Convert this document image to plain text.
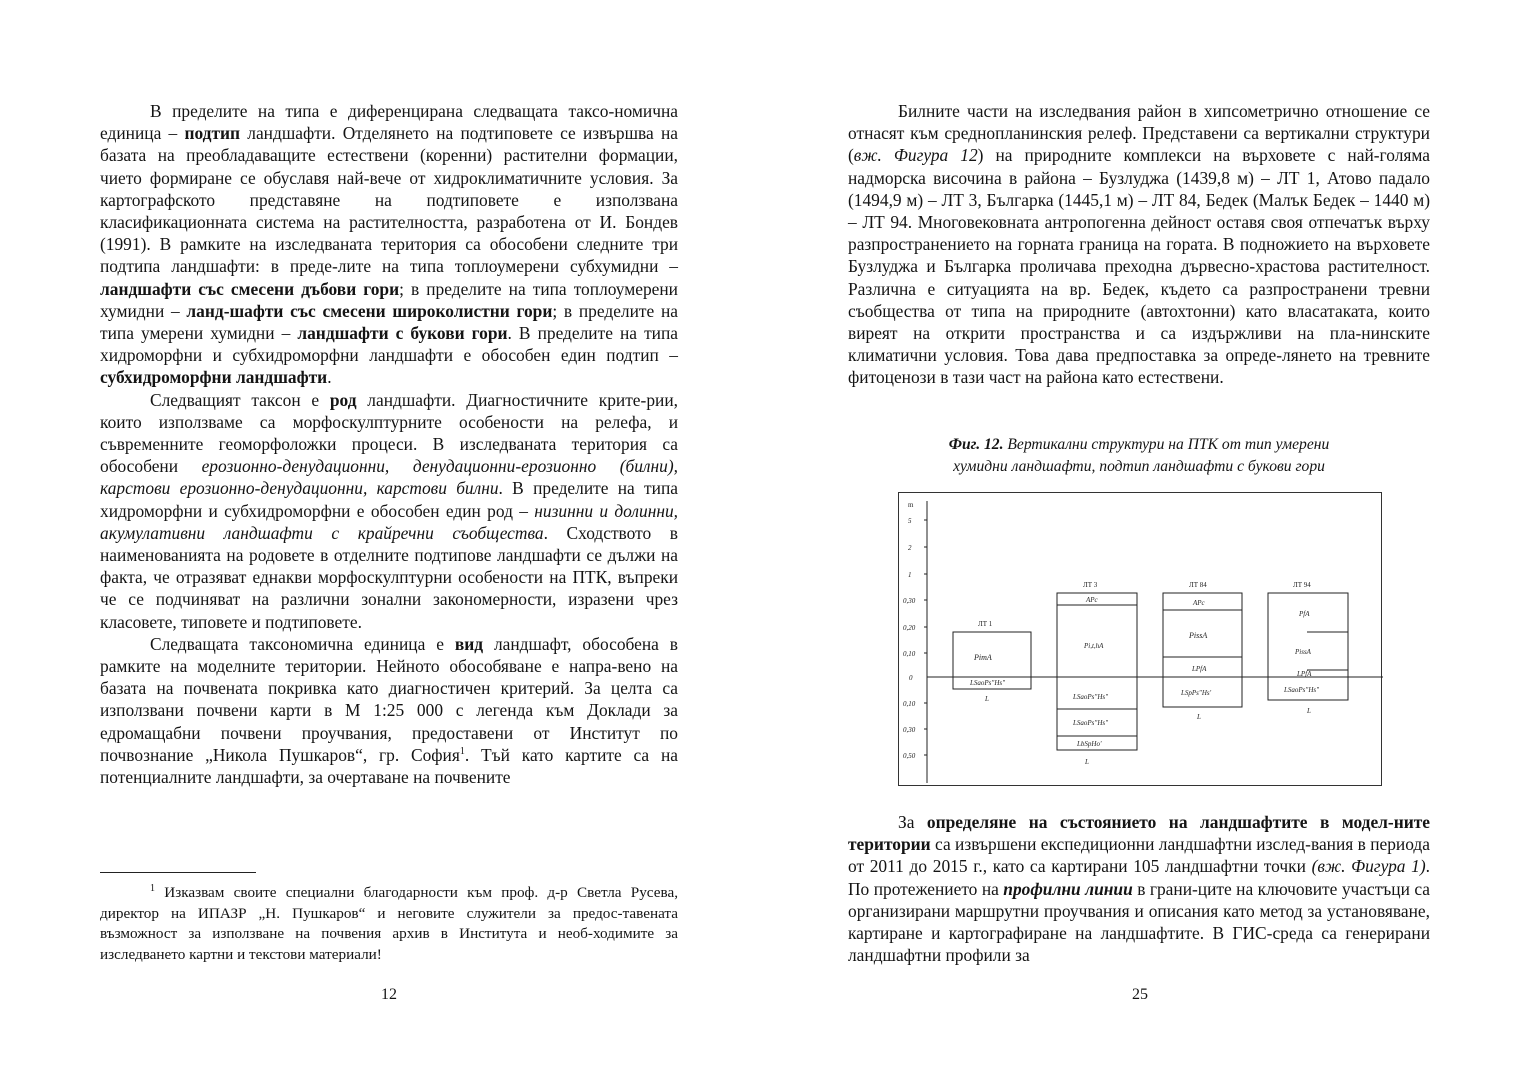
В пределите на типа е диференцирана следващата таксо-номична единица – подтип ландшафти. Отделянето на подтиповете се извършва на базата на преобладаващите естествени (коренни) растителни формации, чието формиране се обуславя най-вече от хидроклиматичните условия. За картографското представяне на подтиповете е използвана класификационната система на растителността, разработена от И. Бондев (1991). В рамките на изследваната територия са обособени следните три подтипа ландшафти: в преде-лите на типа топлоумерени субхумидни – ландшафти със смесени дъбови гори; в пределите на типа топлоумерени хумидни – ланд-шафти със смесени широколистни гори; в пределите на типа умерени хумидни – ландшафти с букови гори. В пределите на типа хидроморфни и субхидроморфни ландшафти е обособен един подтип – субхидроморфни ландшафти.

Следващият таксон е род ландшафти. Диагностичните крите-рии, които използваме са морфоскулптурните особености на релефа, и съвременните геоморфоложки процеси. В изследваната територия са обособени ерозионно-денудационни, денудационни-ерозионно (билни), карстови ерозионно-денудационни, карстови билни. В пределите на типа хидроморфни и субхидроморфни е обособен един род – низинни и долинни, акумулативни ландшафти с крайречни съобщества. Сходството в наименованията на родовете в отделните подтипове ландшафти се дължи на факта, че отразяват еднакви морфоскулптурни особености на ПТК, въпреки че се подчиняват на различни зонални закономерности, изразени чрез класовете, типовете и подтиповете.

Следващата таксономична единица е вид ландшафт, обособена в рамките на моделните територии. Нейното обособяване е напра-вено на базата на почвената покривка като диагностичен критерий. За целта са използвани почвени карти в М 1:25 000 с легенда към Доклади за едромащабни почвени проучвания, предоставени от Институт по почвознание „Никола Пушкаров“, гр. София$^1$. Тъй като картите са на потенциалните ландшафти, за очертаване на почвените

$^1$ Изказвам своите специални благодарности към проф. д-р Светла Русева, директор на ИПАЗР „Н. Пушкаров“ и неговите служители за предос-тавената възможност за използване на почвения архив в Института и необ-ходимите за изследването картни и текстови материали!

12

Билните части на изследвания район в хипсометрично отношение се отнасят към среднопланинския релеф. Представени са вертикални структури (вж. Фигура 12) на природните комплекси на върховете с най-голяма надморска височина в района – Бузлуджа (1439,8 м) – ЛТ 1, Атово падало (1494,9 м) – ЛТ 3, Българка (1445,1 м) – ЛТ 84, Бедек (Малък Бедек – 1440 м) – ЛТ 94. Многовековната антропогенна дейност оставя своя отпечатък върху разпространението на горната граница на гората. В подножието на върховете Бузлуджа и Българка проличава преходна дървесно-храстова растителност. Различна е ситуацията на вр. Бедек, където са разпространени тревни съобщества от типа на природните (автохтонни) като власатаката, които виреят на открити пространства и са издържливи на пла-нинските климатични условия. Това дава предпоставка за опреде-лянето на тревните фитоценози в тази част на района като естествени.

Фиг. 12. Вертикални структури на ПТК от тип умерени
хумидни ландшафти, подтип ландшафти с букови гори
m
5
2
1
0,30
0,20
0,10
0
0,10
0,30
0,50
ЛТ 1
PimA
LSaoPs"Hs"
L
ЛТ 3
APc
Pi,t,hA
LSaoPs"Hs"
LSaoPs"Hs"
LbSpHo'
L
ЛТ 84
APc
PissA
LPfA
LSpPs"Hs'
L
ЛТ 94
PfA
PissA
LPfA
LSaoPs"Hs"
L

За определяне на състоянието на ландшафтите в модел-ните територии са извършени експедиционни ландшафтни изслед-вания в периода от 2011 до 2015 г., като са картирани 105 ландшафтни точки (вж. Фигура 1). По протежението на профилни линии в грани-ците на ключовите участъци са организирани маршрутни проучвания и описания като метод за установяване, картиране и картографиране на ландшафтите. В ГИС-среда са генерирани ландшафтни профили за

25
